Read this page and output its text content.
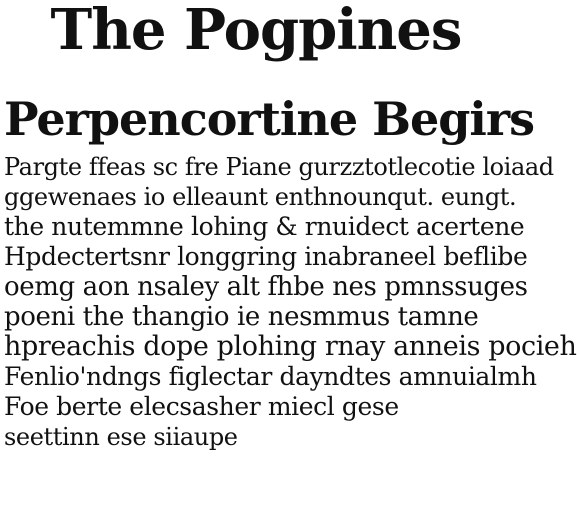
The Pogpines
Perpencortine Begirs
Pargte ffeas sc fre Piane gurzztotlecotie loiaad
ggewenaes io elleaunt enthnounqut. eungt.
the nutemmne lohing & rnuidect acertene
Hpdectertsnr longgring inabraneel beflibe
oemg aon nsaley alt fhbe nes pmnssuges
poeni the thangio ie nesmmus tamne
hpreachis dope plohing rnay anneis pocieh
Fenlio'ndngs figlectar dayndtes amnuialmh
Foe berte elecsasher miecl gese
seettinn ese siiaupe
